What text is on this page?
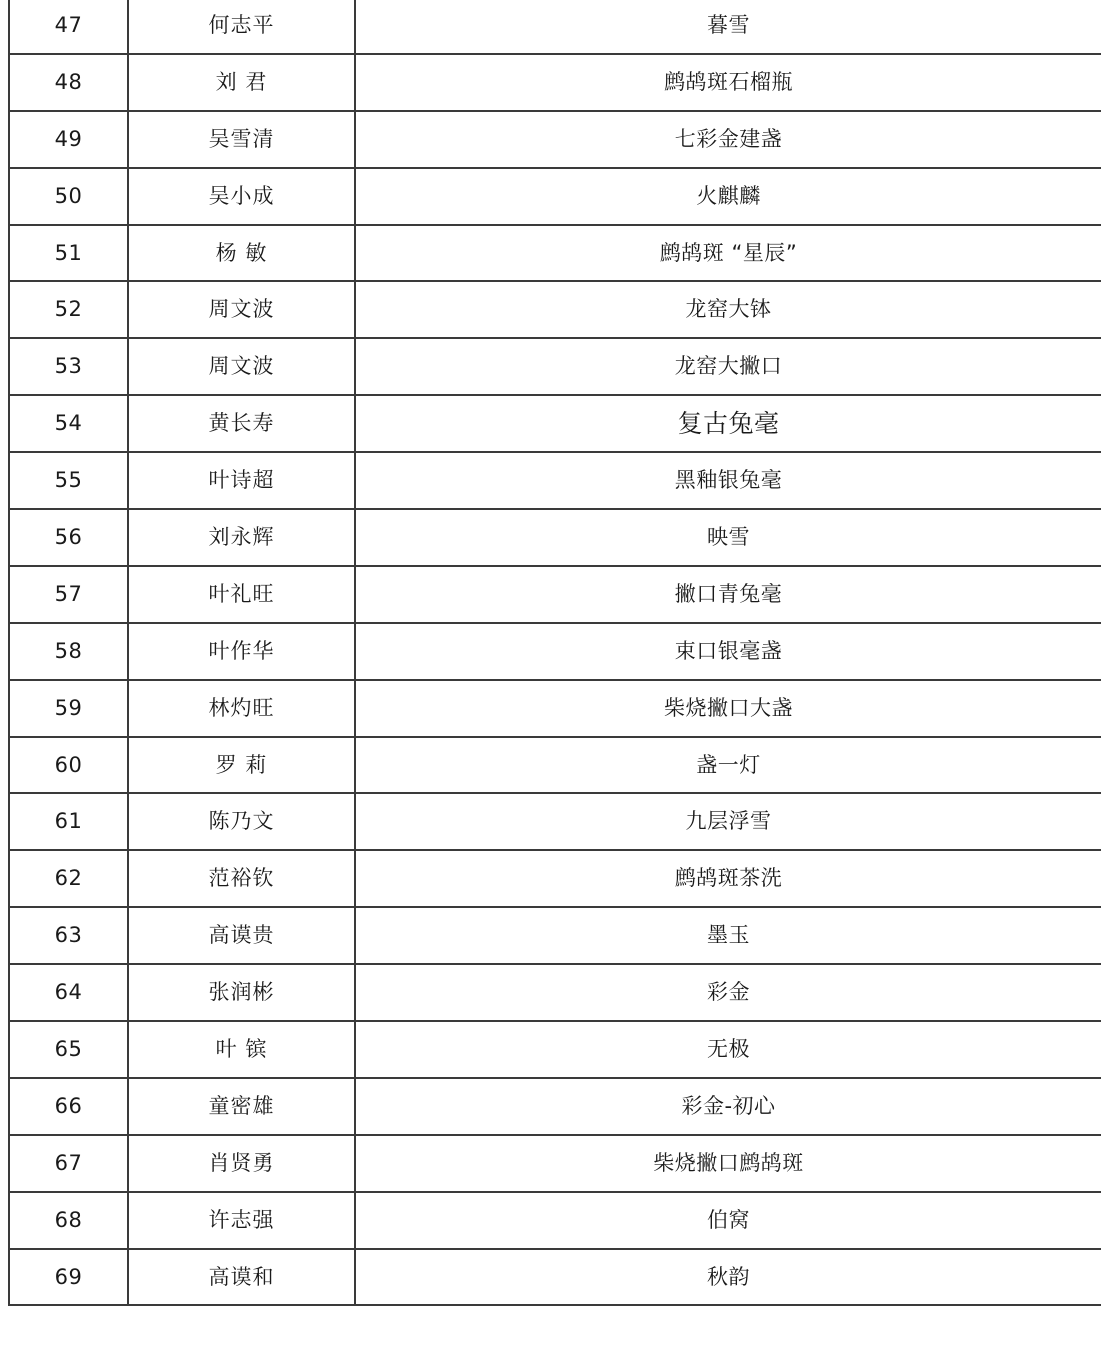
47	何志平	暮雪
48	刘 君	鹧鸪斑石榴瓶
49	吴雪清	七彩金建盏
50	吴小成	火麒麟
51	杨 敏	鹧鸪斑 “星辰”
52	周文波	龙窑大钵
53	周文波	龙窑大撇口
54	黄长寿	复古兔毫
55	叶诗超	黑釉银兔毫
56	刘永辉	映雪
57	叶礼旺	撇口青兔毫
58	叶作华	束口银毫盏
59	林灼旺	柴烧撇口大盏
60	罗 莉	盏一灯
61	陈乃文	九层浮雪
62	范裕钦	鹧鸪斑茶洗
63	高谟贵	墨玉
64	张润彬	彩金
65	叶 镔	无极
66	童密雄	彩金-初心
67	肖贤勇	柴烧撇口鹧鸪斑
68	许志强	伯窝
69	高谟和	秋韵
